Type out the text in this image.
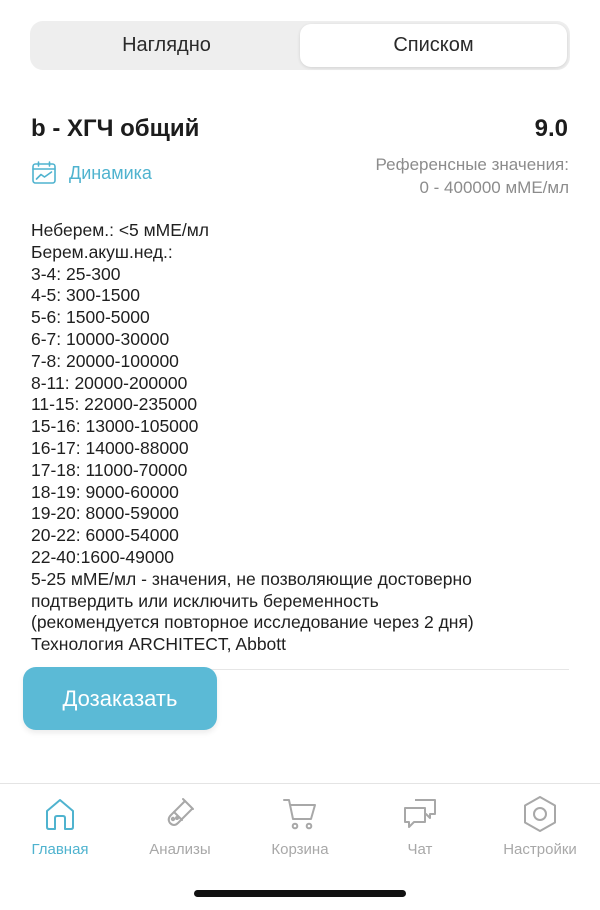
Наглядно	Списком
b - ХГЧ общий	9.0
Динамика	Референсные значения:
0 - 400000 мМЕ/мл
Неберем.: <5 мМЕ/мл
Берем.акуш.нед.:
3-4: 25-300
4-5: 300-1500
5-6: 1500-5000
6-7: 10000-30000
7-8: 20000-100000
8-11: 20000-200000
11-15: 22000-235000
15-16: 13000-105000
16-17: 14000-88000
17-18: 11000-70000
18-19: 9000-60000
19-20: 8000-59000
20-22: 6000-54000
22-40:1600-49000
5-25 мМЕ/мл - значения, не позволяющие достоверно
подтвердить или исключить беременность
(рекомендуется повторное исследование через 2 дня)
Технология ARCHITECT, Abbott
Дозаказать
Главная	Анализы	Корзина	Чат	Настройки
